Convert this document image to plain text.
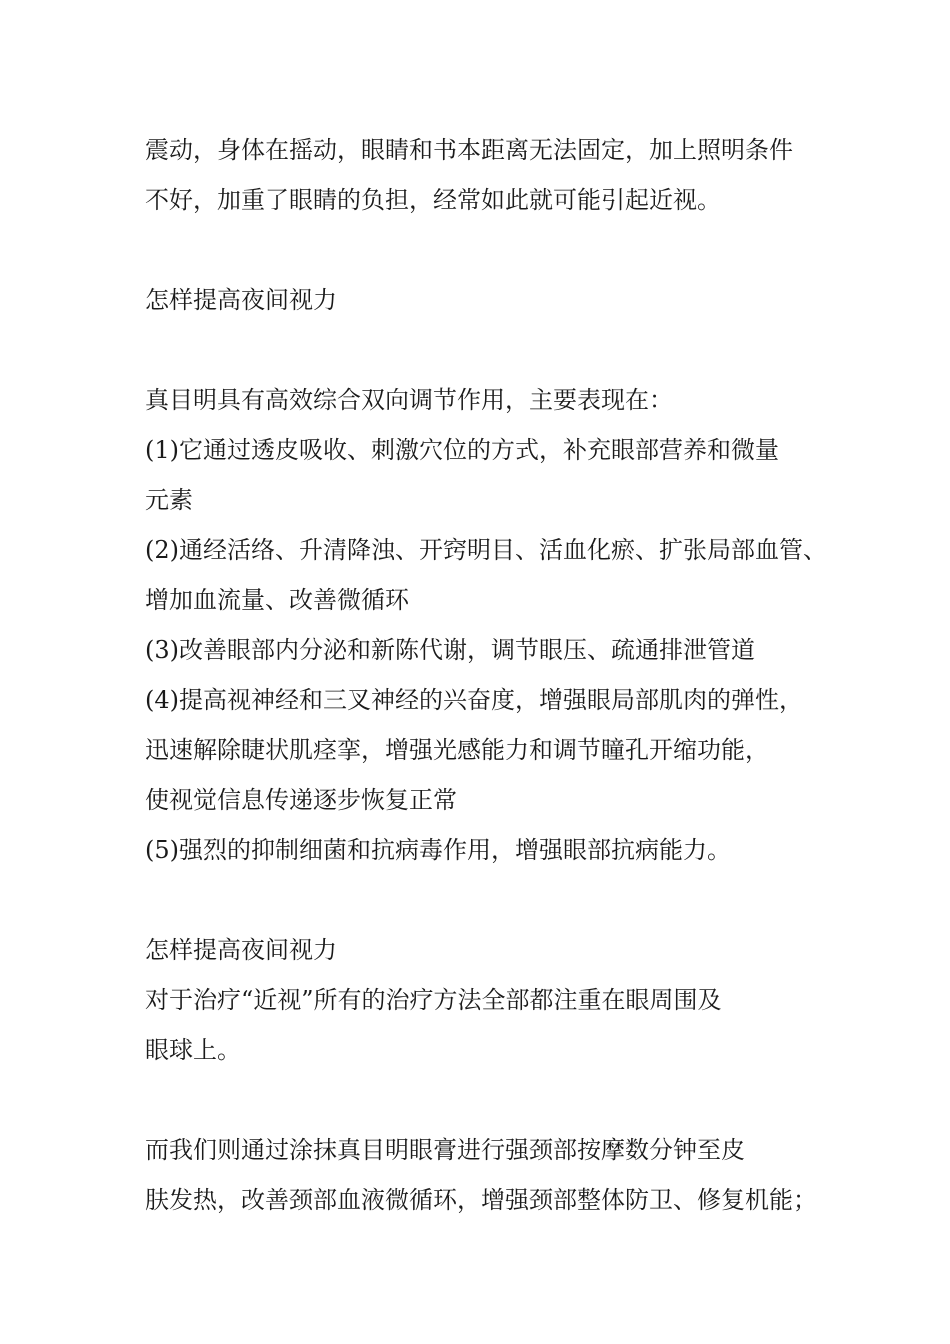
震动，身体在摇动，眼睛和书本距离无法固定，加上照明条件
不好，加重了眼睛的负担，经常如此就可能引起近视。
怎样提高夜间视力
真目明具有高效综合双向调节作用，主要表现在：
(1)它通过透皮吸收、刺激穴位的方式，补充眼部营养和微量
元素
(2)通经活络、升清降浊、开窍明目、活血化瘀、扩张局部血管、
增加血流量、改善微循环
(3)改善眼部内分泌和新陈代谢，调节眼压、疏通排泄管道
(4)提高视神经和三叉神经的兴奋度，增强眼局部肌肉的弹性，
迅速解除睫状肌痉挛，增强光感能力和调节瞳孔开缩功能，
使视觉信息传递逐步恢复正常
(5)强烈的抑制细菌和抗病毒作用，增强眼部抗病能力。
怎样提高夜间视力
对于治疗“近视”所有的治疗方法全部都注重在眼周围及
眼球上。
而我们则通过涂抹真目明眼膏进行强颈部按摩数分钟至皮
肤发热，改善颈部血液微循环，增强颈部整体防卫、修复机能；
